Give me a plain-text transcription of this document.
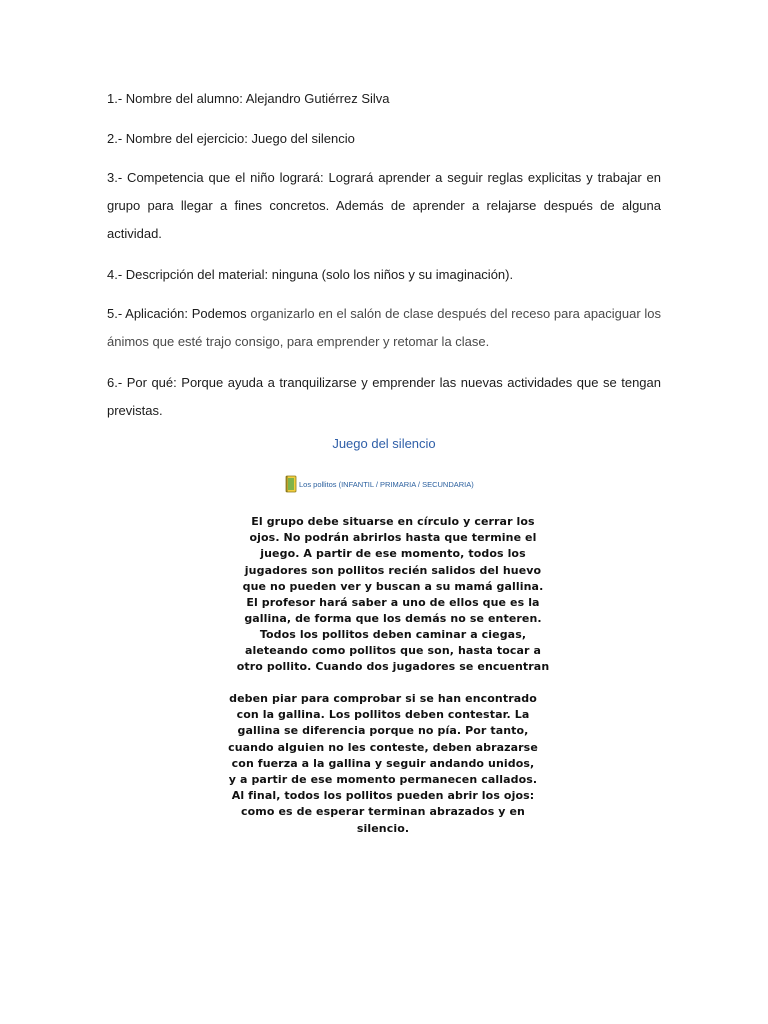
1.- Nombre del alumno: Alejandro Gutiérrez Silva
2.- Nombre del ejercicio: Juego del silencio
3.- Competencia que el niño logrará: Logrará aprender a seguir reglas explicitas y trabajar en grupo para llegar a fines concretos. Además de aprender a relajarse después de alguna actividad.
4.- Descripción del material: ninguna (solo los niños y su imaginación).
5.- Aplicación: Podemos organizarlo en el salón de clase después del receso para apaciguar los ánimos que esté trajo consigo, para emprender y retomar la clase.
6.- Por qué: Porque ayuda a tranquilizarse y emprender las nuevas actividades que se tengan previstas.
Juego del silencio
Los pollitos (INFANTIL / PRIMARIA / SECUNDARIA)

El grupo debe situarse en círculo y cerrar los

ojos. No podrán abrirlos hasta que termine el

juego. A partir de ese momento, todos los

jugadores son pollitos recién salidos del huevo

que no pueden ver y buscan a su mamá gallina.

El profesor hará saber a uno de ellos que es la

gallina, de forma que los demás no se enteren.

Todos los pollitos deben caminar a ciegas,

aleteando como pollitos que son, hasta tocar a

otro pollito. Cuando dos jugadores se encuentran

deben piar para comprobar si se han encontrado

con la gallina. Los pollitos deben contestar. La

gallina se diferencia porque no pía. Por tanto,

cuando alguien no les conteste, deben abrazarse

con fuerza a la gallina y seguir andando unidos,

y a partir de ese momento permanecen callados.

Al final, todos los pollitos pueden abrir los ojos:

como es de esperar terminan abrazados y en

silencio.
